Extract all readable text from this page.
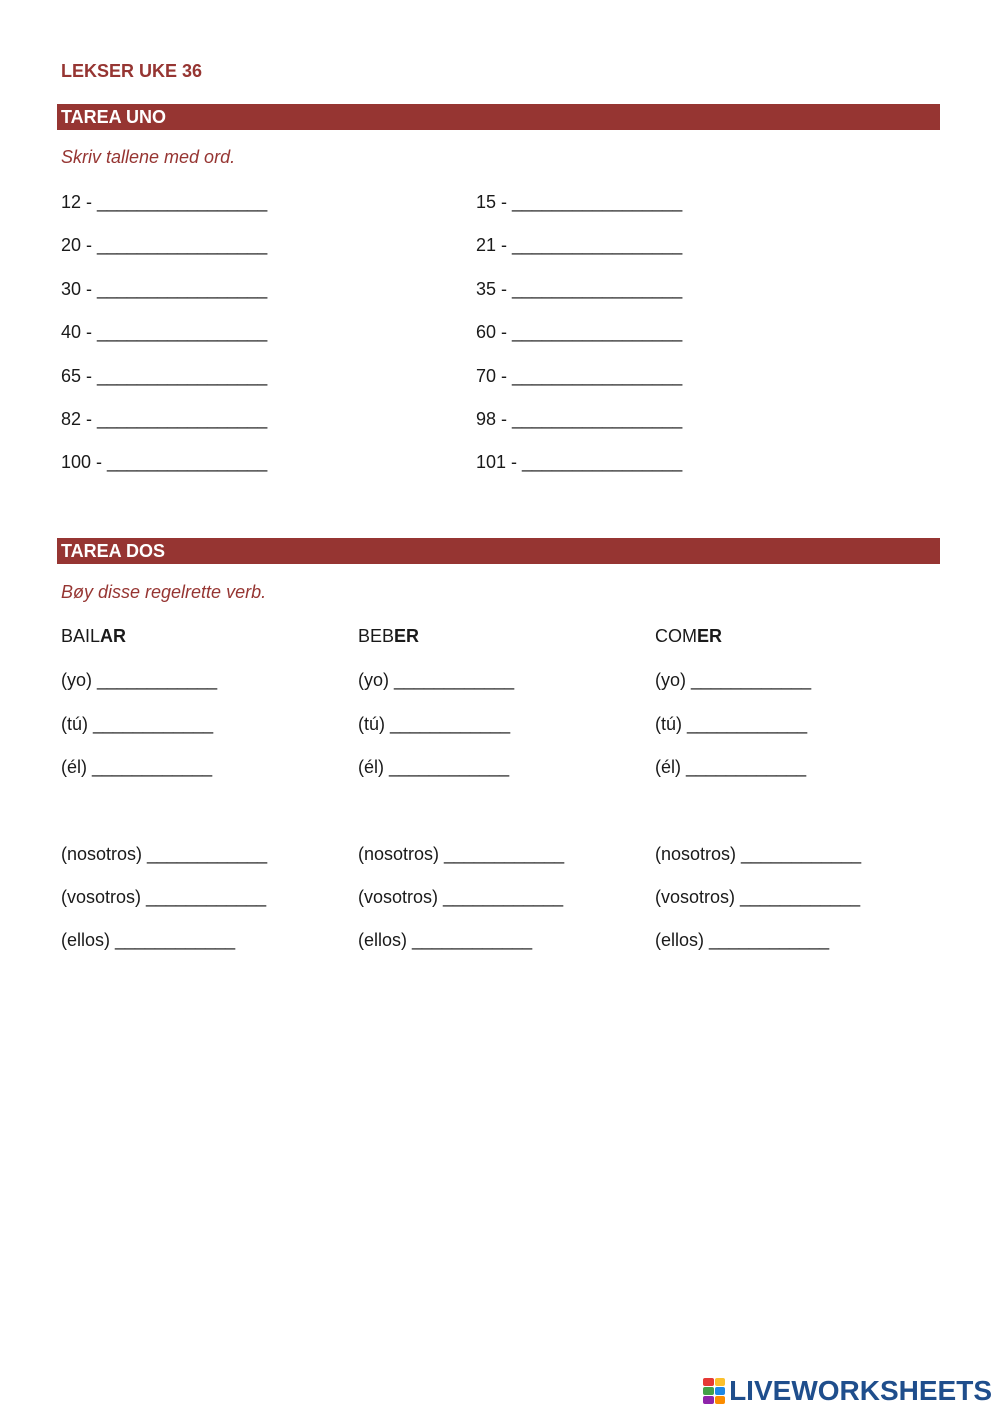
LEKSER UKE 36
TAREA UNO
Skriv tallene med ord.
12 - _________________
20 - _________________
30 - _________________
40 - _________________
65 - _________________
82 - _________________
100 - ________________
15 - _________________
21 - _________________
35 - _________________
60 - _________________
70 - _________________
98 - _________________
101 - ________________
TAREA DOS
Bøy disse regelrette verb.
BAILAR
(yo) ____________
(tú) ____________
(él) ____________
(nosotros) ____________
(vosotros) ____________
(ellos) ____________
BEBER
(yo) ____________
(tú) ____________
(él) ____________
(nosotros) ____________
(vosotros) ____________
(ellos) ____________
COMER
(yo) ____________
(tú) ____________
(él) ____________
(nosotros) ____________
(vosotros) ____________
(ellos) ____________
LIVEWORKSHEETS
